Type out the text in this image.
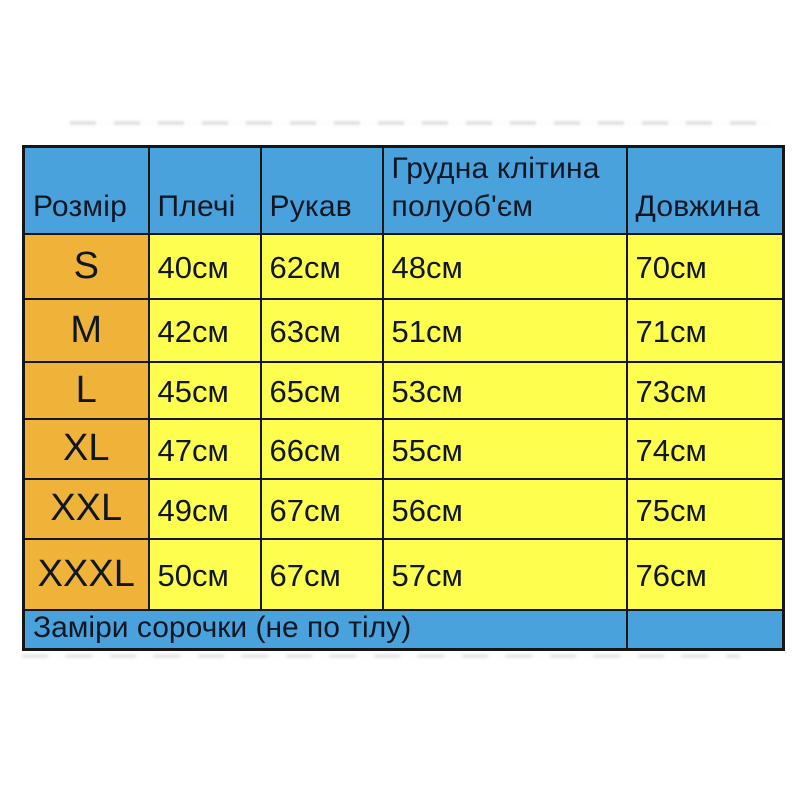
Розмір	Плечі	Рукав	Грудна клітина полуоб'єм	Довжина
S	40см	62см	48см	70см
M	42см	63см	51см	71см
L	45см	65см	53см	73см
XL	47см	66см	55см	74см
XXL	49см	67см	56см	75см
XXXL	50см	67см	57см	76см
Заміри сорочки (не по тілу)				
